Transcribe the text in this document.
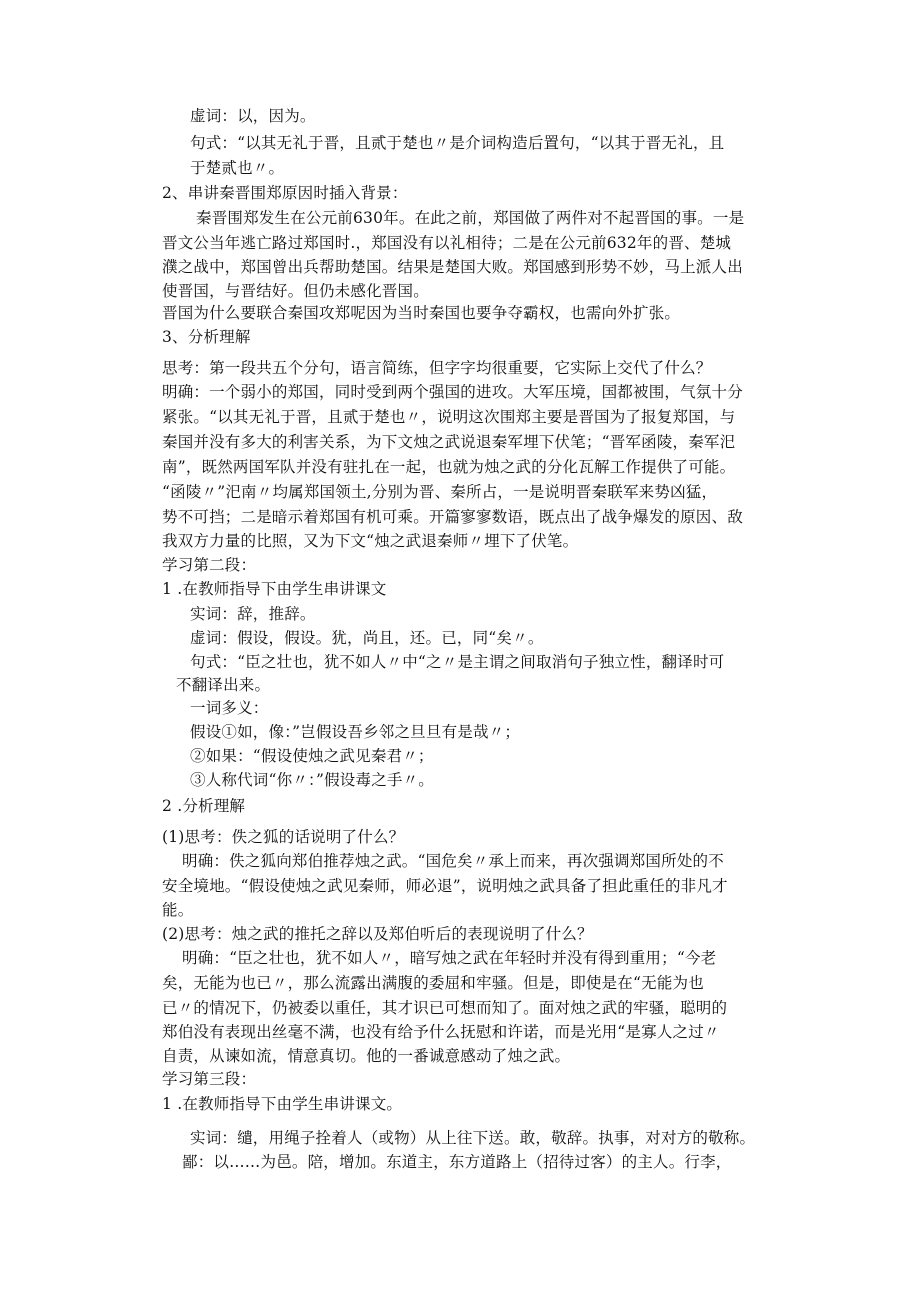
虚词：以，因为。
句式：“以其无礼于晋，且贰于楚也〃是介词构造后置句，“以其于晋无礼，且
于楚贰也〃。
2、串讲秦晋围郑原因时插入背景：
秦晋围郑发生在公元前630年。在此之前，郑国做了两件对不起晋国的事。一是
晋文公当年逃亡路过郑国时.，郑国没有以礼相待；二是在公元前632年的晋、楚城
濮之战中，郑国曾出兵帮助楚国。结果是楚国大败。郑国感到形势不妙，马上派人出
使晋国，与晋结好。但仍未感化晋国。
晋国为什么要联合秦国攻郑呢因为当时秦国也要争夺霸权，也需向外扩张。
3、分析理解
思考：第一段共五个分句，语言简练，但字字均很重要，它实际上交代了什么？
明确：一个弱小的郑国，同时受到两个强国的进攻。大军压境，国都被围，气氛十分
紧张。“以其无礼于晋，且贰于楚也〃，说明这次围郑主要是晋国为了报复郑国，与
秦国并没有多大的利害关系，为下文烛之武说退秦军埋下伏笔；“晋军函陵，秦军汜
南”，既然两国军队并没有驻扎在一起，也就为烛之武的分化瓦解工作提供了可能。
“函陵〃”汜南〃均属郑国领土,分别为晋、秦所占，一是说明晋秦联军来势凶猛，
势不可挡；二是暗示着郑国有机可乘。开篇寥寥数语，既点出了战争爆发的原因、敌
我双方力量的比照，又为下文“烛之武退秦师〃埋下了伏笔。
学习第二段：
1 .在教师指导下由学生串讲课文
实词：辞，推辞。
虚词：假设，假设。犹，尚且，还。已，同“矣〃。
句式：“臣之壮也，犹不如人〃中“之〃是主谓之间取消句子独立性，翻译时可
不翻译出来。
一词多义：
假设①如，像：”岂假设吾乡邻之旦旦有是哉〃；
②如果：“假设使烛之武见秦君〃；
③人称代词“你〃：”假设毒之手〃。
2 .分析理解
(1)思考：佚之狐的话说明了什么？
明确：佚之狐向郑伯推荐烛之武。“国危矣〃承上而来，再次强调郑国所处的不
安全境地。“假设使烛之武见秦师，师必退”，说明烛之武具备了担此重任的非凡才
能。
(2)思考：烛之武的推托之辞以及郑伯听后的表现说明了什么？
明确：“臣之壮也，犹不如人〃，暗写烛之武在年轻时并没有得到重用；“今老
矣，无能为也已〃，那么流露出满腹的委屈和牢骚。但是，即使是在“无能为也
已〃的情况下，仍被委以重任，其才识已可想而知了。面对烛之武的牢骚，聪明的
郑伯没有表现出丝毫不满，也没有给予什么抚慰和许诺，而是光用“是寡人之过〃
自责，从谏如流，情意真切。他的一番诚意感动了烛之武。
学习第三段：
1 .在教师指导下由学生串讲课文。
实词：缱，用绳子拴着人（或物）从上往下送。敢，敬辞。执事，对对方的敬称。
鄙：以……为邑。陪，增加。东道主，东方道路上（招待过客）的主人。行李，
